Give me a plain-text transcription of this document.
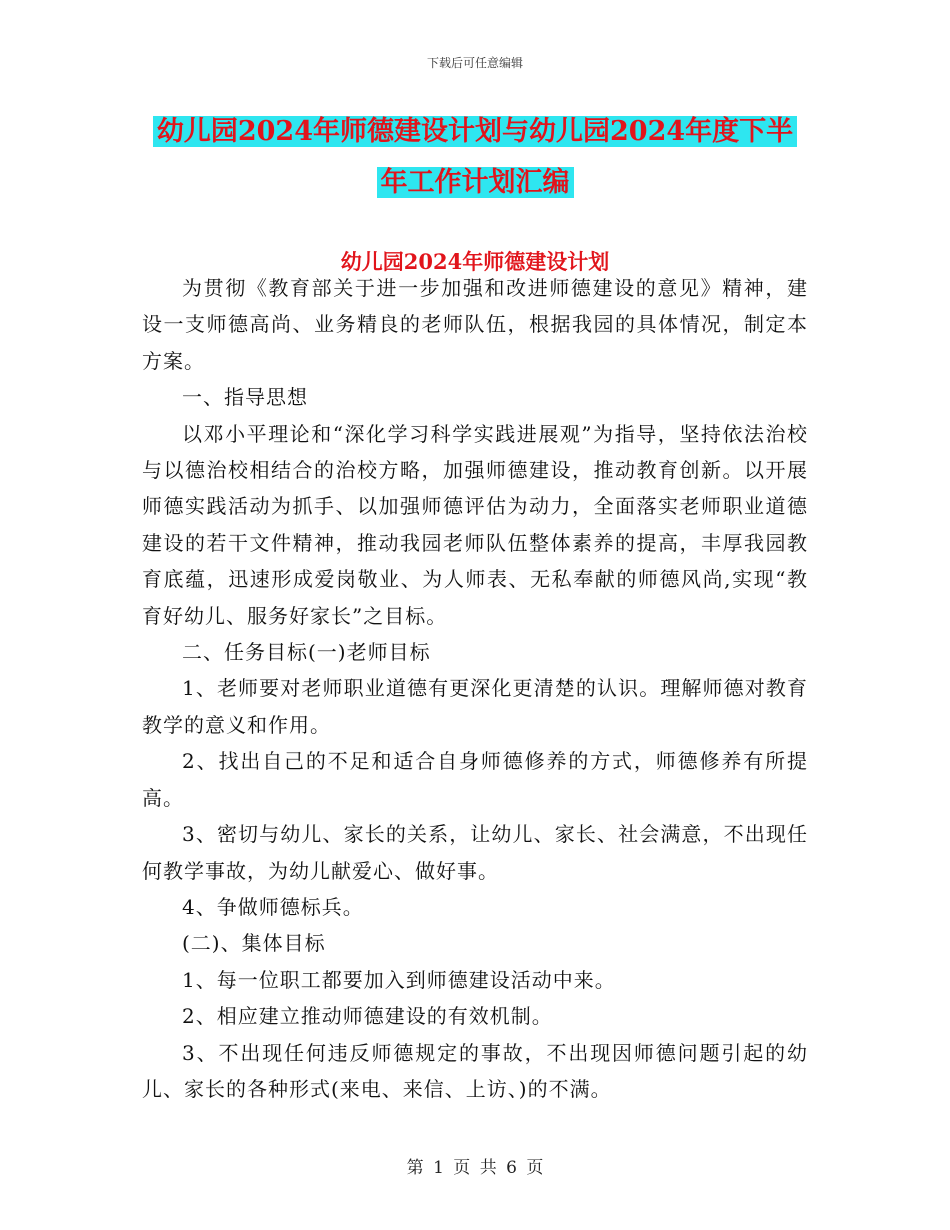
下载后可任意编辑
幼儿园2024年师德建设计划与幼儿园2024年度下半
年工作计划汇编
幼儿园2024年师德建设计划

为贯彻《教育部关于进一步加强和改进师德建设的意见》精神，建设一支师德高尚、业务精良的老师队伍，根据我园的具体情况，制定本方案。

一、指导思想

以邓小平理论和“深化学习科学实践进展观”为指导，坚持依法治校与以德治校相结合的治校方略，加强师德建设，推动教育创新。以开展师德实践活动为抓手、以加强师德评估为动力，全面落实老师职业道德建设的若干文件精神，推动我园老师队伍整体素养的提高，丰厚我园教育底蕴，迅速形成爱岗敬业、为人师表、无私奉献的师德风尚,实现“教育好幼儿、服务好家长”之目标。

二、任务目标(一)老师目标

1、老师要对老师职业道德有更深化更清楚的认识。理解师德对教育教学的意义和作用。

2、找出自己的不足和适合自身师德修养的方式，师德修养有所提高。

3、密切与幼儿、家长的关系，让幼儿、家长、社会满意，不出现任何教学事故，为幼儿献爱心、做好事。

4、争做师德标兵。

(二)、集体目标

1、每一位职工都要加入到师德建设活动中来。

2、相应建立推动师德建设的有效机制。

3、不出现任何违反师德规定的事故，不出现因师德问题引起的幼儿、家长的各种形式(来电、来信、上访、)的不满。

第 1 页 共 6 页
